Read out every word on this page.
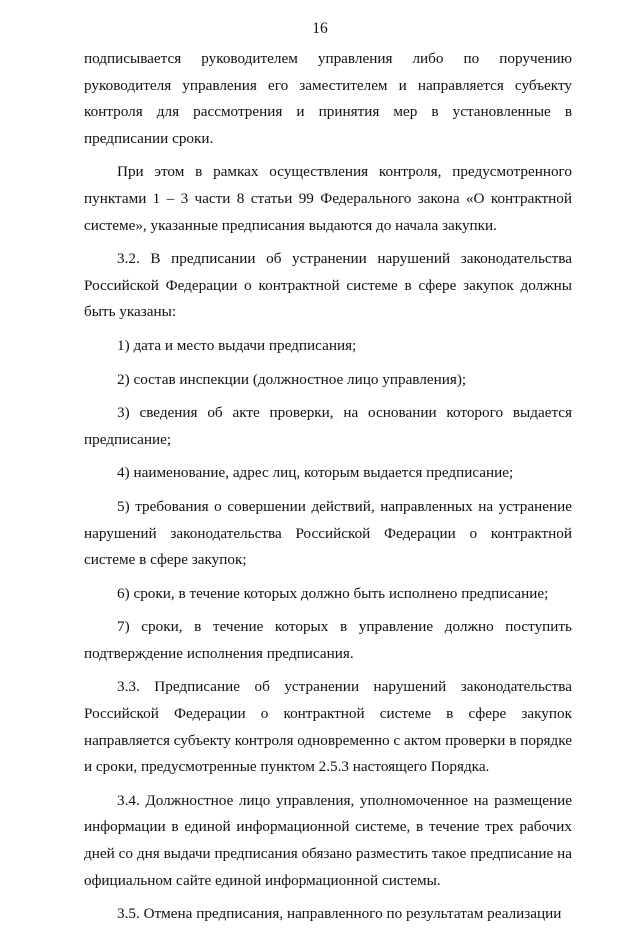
16

подписывается руководителем управления либо по поручению руководителя управления его заместителем и направляется субъекту контроля для рассмотрения и принятия мер в установленные в предписании сроки.

При этом в рамках осуществления контроля, предусмотренного пунктами 1 – 3 части 8 статьи 99 Федерального закона «О контрактной системе», указанные предписания выдаются до начала закупки.

3.2. В предписании об устранении нарушений законодательства Российской Федерации о контрактной системе в сфере закупок должны быть указаны:

1) дата и место выдачи предписания;

2) состав инспекции (должностное лицо управления);

3) сведения об акте проверки, на основании которого выдается предписание;

4) наименование, адрес лиц, которым выдается предписание;

5) требования о совершении действий, направленных на устранение нарушений законодательства Российской Федерации о контрактной системе в сфере закупок;

6) сроки, в течение которых должно быть исполнено предписание;

7) сроки, в течение которых в управление должно поступить подтверждение исполнения предписания.

3.3. Предписание об устранении нарушений законодательства Российской Федерации о контрактной системе в сфере закупок направляется субъекту контроля одновременно с актом проверки в порядке и сроки, предусмотренные пунктом 2.5.3 настоящего Порядка.

3.4. Должностное лицо управления, уполномоченное на размещение информации в единой информационной системе, в течение трех рабочих дней со дня выдачи предписания обязано разместить такое предписание на официальном сайте единой информационной системы.

3.5. Отмена предписания, направленного по результатам реализации
